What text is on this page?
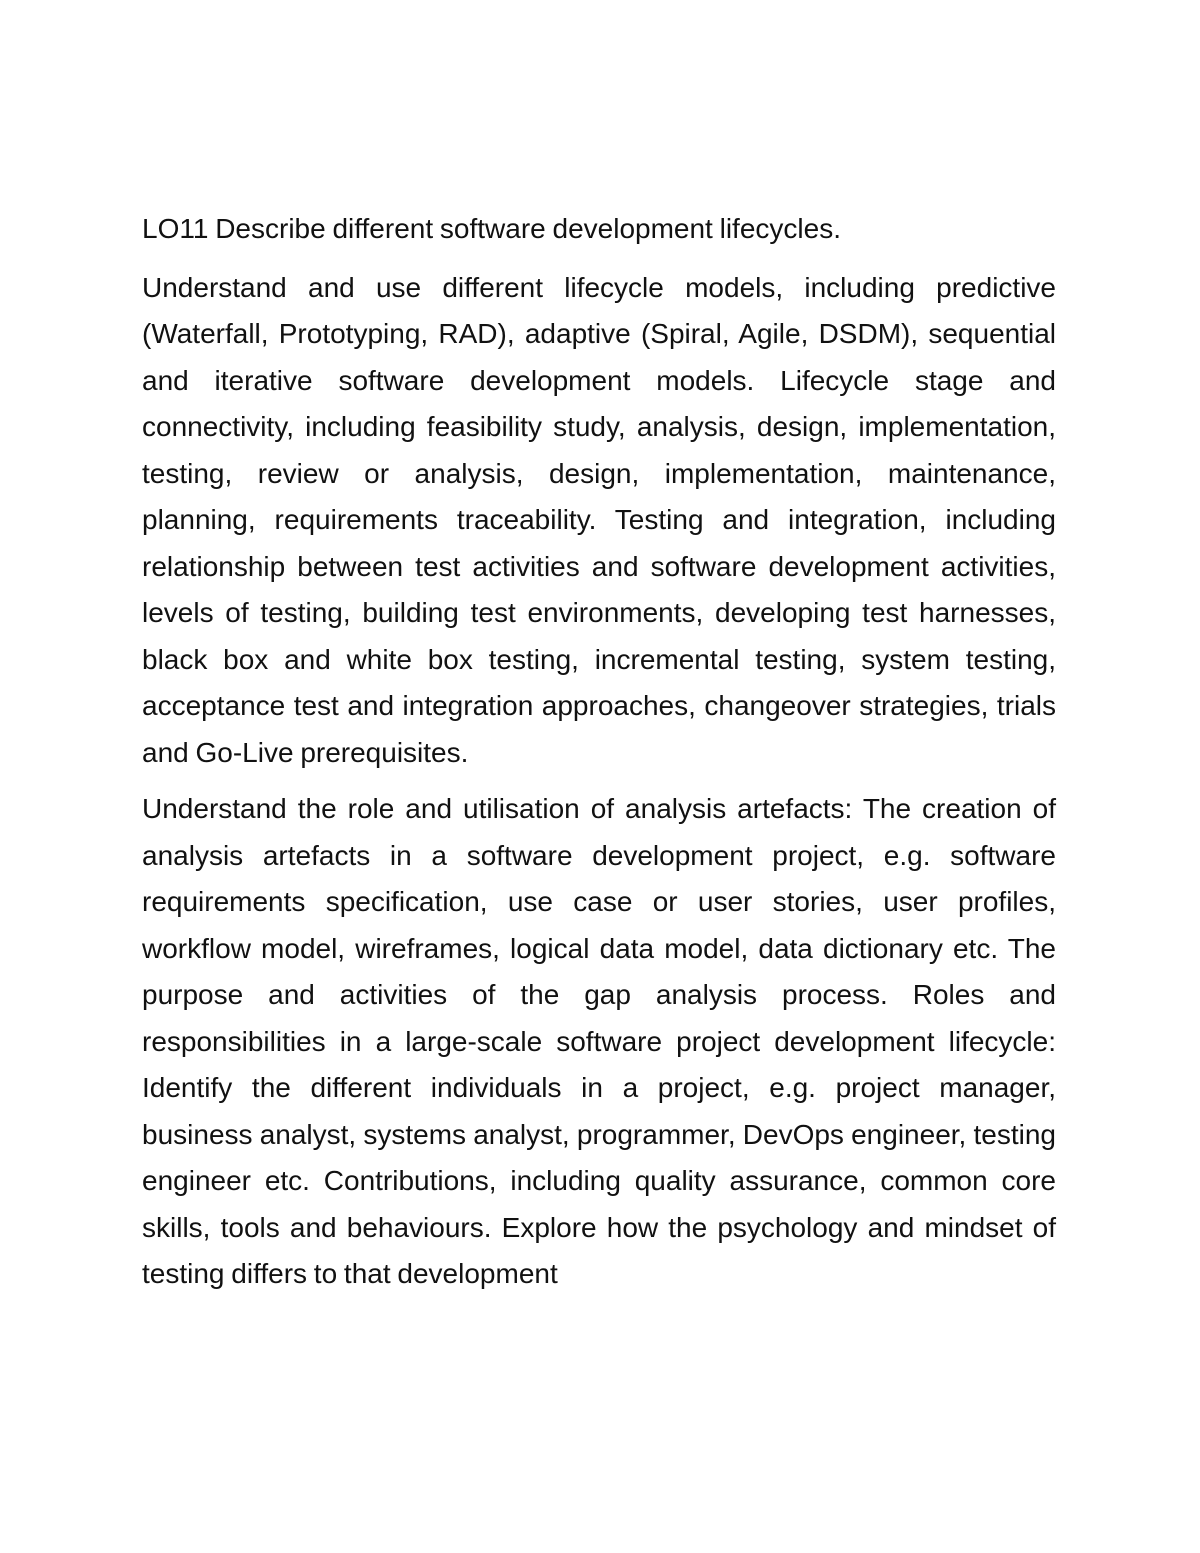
LO11 Describe different software development lifecycles.

Understand and use different lifecycle models, including predictive (Waterfall, Prototyping, RAD), adaptive (Spiral, Agile, DSDM), sequential and iterative software development models. Lifecycle stage and connectivity, including feasibility study, analysis, design, implementation, testing, review or analysis, design, implementation, maintenance, planning, requirements traceability. Testing and integration, including relationship between test activities and software development activities, levels of testing, building test environments, developing test harnesses, black box and white box testing, incremental testing, system testing, acceptance test and integration approaches, changeover strategies, trials and Go-Live prerequisites.

Understand the role and utilisation of analysis artefacts: The creation of analysis artefacts in a software development project, e.g. software requirements specification, use case or user stories, user profiles, workflow model, wireframes, logical data model, data dictionary etc. The purpose and activities of the gap analysis process. Roles and responsibilities in a large-scale software project development lifecycle: Identify the different individuals in a project, e.g. project manager, business analyst, systems analyst, programmer, DevOps engineer, testing engineer etc. Contributions, including quality assurance, common core skills, tools and behaviours. Explore how the psychology and mindset of testing differs to that development
